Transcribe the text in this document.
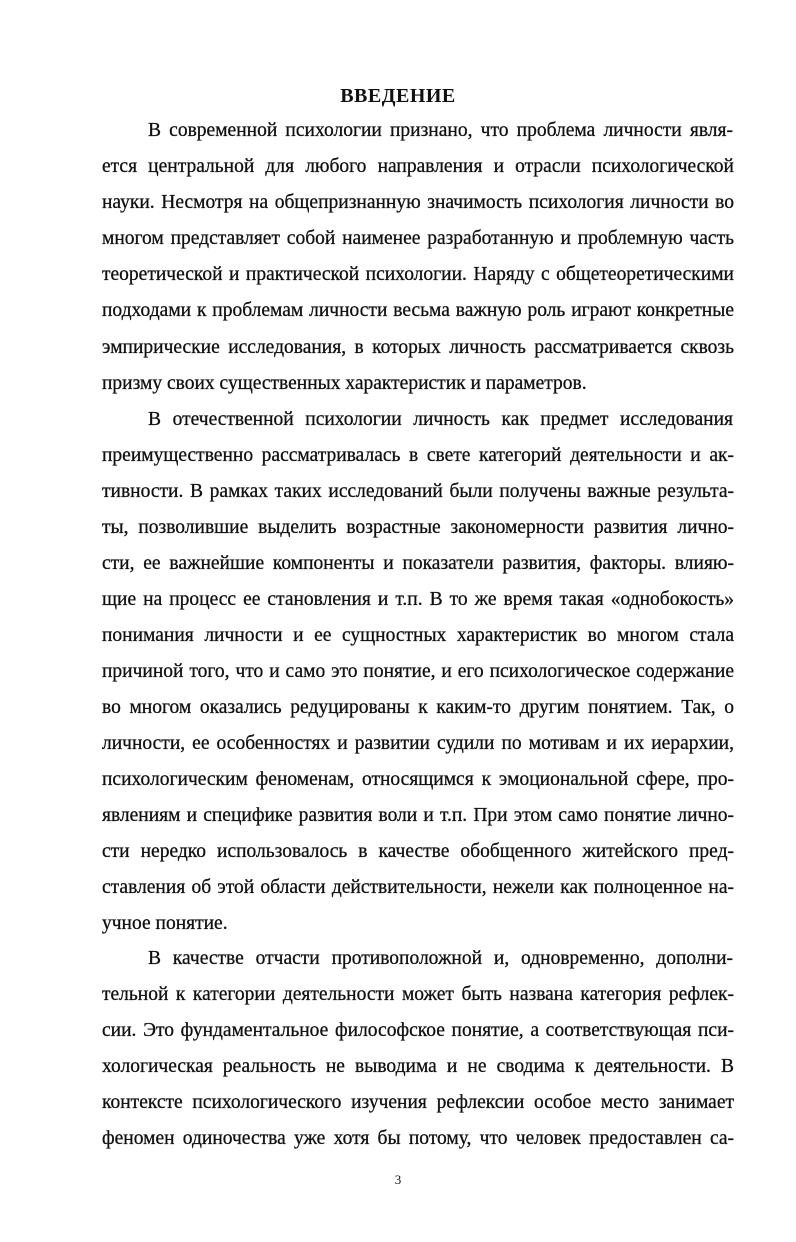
ВВЕДЕНИЕ
В современной психологии признано, что проблема личности явля-
ется центральной для любого направления и отрасли психологической
науки. Несмотря на общепризнанную значимость психология личности во
многом представляет собой наименее разработанную и проблемную часть
теоретической и практической психологии. Наряду с общетеоретическими
подходами к проблемам личности весьма важную роль играют конкретные
эмпирические исследования, в которых личность рассматривается сквозь
призму своих существенных характеристик и параметров.
В отечественной психологии личность как предмет исследования
преимущественно рассматривалась в свете категорий деятельности и ак-
тивности. В рамках таких исследований были получены важные результа-
ты, позволившие выделить возрастные закономерности развития лично-
сти, ее важнейшие компоненты и показатели развития, факторы. влияю-
щие на процесс ее становления и т.п. В то же время такая «однобокость»
понимания личности и ее сущностных характеристик во многом стала
причиной того, что и само это понятие, и его психологическое содержание
во многом оказались редуцированы к каким-то другим понятием. Так, о
личности, ее особенностях и развитии судили по мотивам и их иерархии,
психологическим феноменам, относящимся к эмоциональной сфере, про-
явлениям и специфике развития воли и т.п. При этом само понятие лично-
сти нередко использовалось в качестве обобщенного житейского пред-
ставления об этой области действительности, нежели как полноценное на-
учное понятие.
В качестве отчасти противоположной и, одновременно, дополни-
тельной к категории деятельности может быть названа категория рефлек-
сии. Это фундаментальное философское понятие, а соответствующая пси-
хологическая реальность не выводима и не сводима к деятельности. В
контексте психологического изучения рефлексии особое место занимает
феномен одиночества уже хотя бы потому, что человек предоставлен са-
3
